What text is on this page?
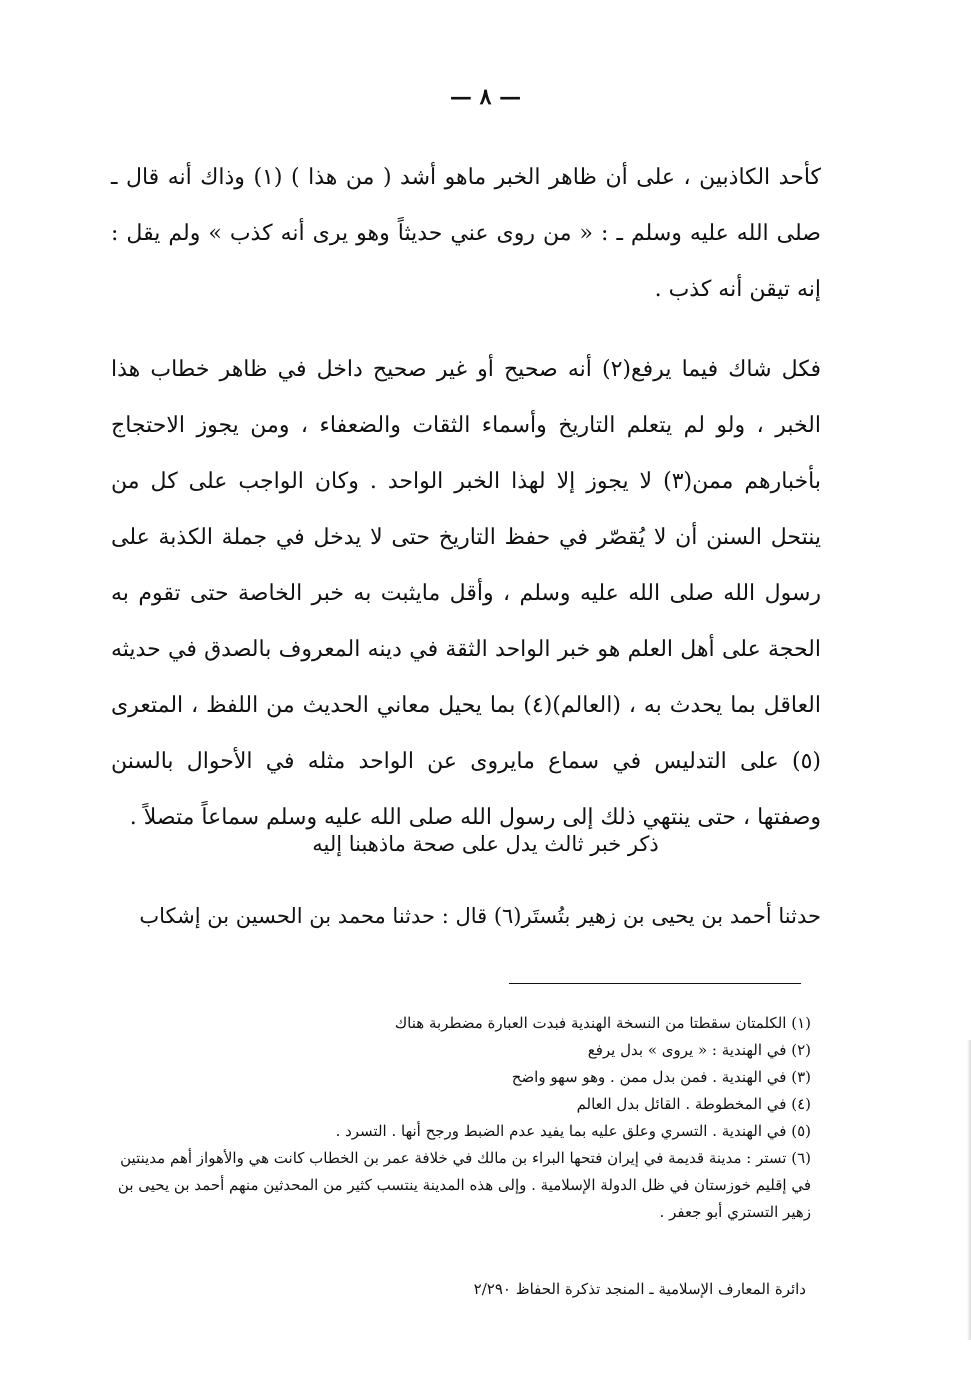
— ٨ —
كأحد الكاذبين ، على أن ظاهر الخبر ماهو أشد ( من هذا ) (١) وذاك أنه قال ـ صلى الله عليه وسلم ـ : « من روى عني حديثاً وهو يرى أنه كذب » ولم يقل : إنه تيقن أنه كذب .
فكل شاك فيما يرفع(٢) أنه صحيح أو غير صحيح داخل في ظاهر خطاب هذا الخبر ، ولو لم يتعلم التاريخ وأسماء الثقات والضعفاء ، ومن يجوز الاحتجاج بأخبارهم ممن(٣) لا يجوز إلا لهذا الخبر الواحد . وكان الواجب على كل من ينتحل السنن أن لا يُقصّر في حفظ التاريخ حتى لا يدخل في جملة الكذبة على رسول الله صلى الله عليه وسلم ، وأقل مايثبت به خبر الخاصة حتى تقوم به الحجة على أهل العلم هو خبر الواحد الثقة في دينه المعروف بالصدق في حديثه العاقل بما يحدث به ، (العالم)(٤) بما يحيل معاني الحديث من اللفظ ، المتعرى (٥) على التدليس في سماع مايروى عن الواحد مثله في الأحوال بالسنن وصفتها ، حتى ينتهي ذلك إلى رسول الله صلى الله عليه وسلم سماعاً متصلاً .
ذكر خبر ثالث يدل على صحة ماذهبنا إليه
حدثنا أحمد بن يحيى بن زهير بتُستَر(٦) قال : حدثنا محمد بن الحسين بن إشكاب
(١) الكلمتان سقطتا من النسخة الهندية فبدت العبارة مضطربة هناك
(٢) في الهندية : « يروى » بدل يرفع
(٣) في الهندية . فمن بدل ممن . وهو سهو واضح
(٤) في المخطوطة . القائل بدل العالم
(٥) في الهندية . التسري وعلق عليه بما يفيد عدم الضبط ورجح أنها . التسرد .
(٦) تستر : مدينة قديمة في إيران فتحها البراء بن مالك في خلافة عمر بن الخطاب كانت هي والأهواز أهم مدينتين في إقليم خوزستان في ظل الدولة الإسلامية . وإلى هذه المدينة ينتسب كثير من المحدثين منهم أحمد بن يحيى بن زهير التستري أبو جعفر .
دائرة المعارف الإسلامية ـ المنجد تذكرة الحفاظ ٢/٢٩٠
